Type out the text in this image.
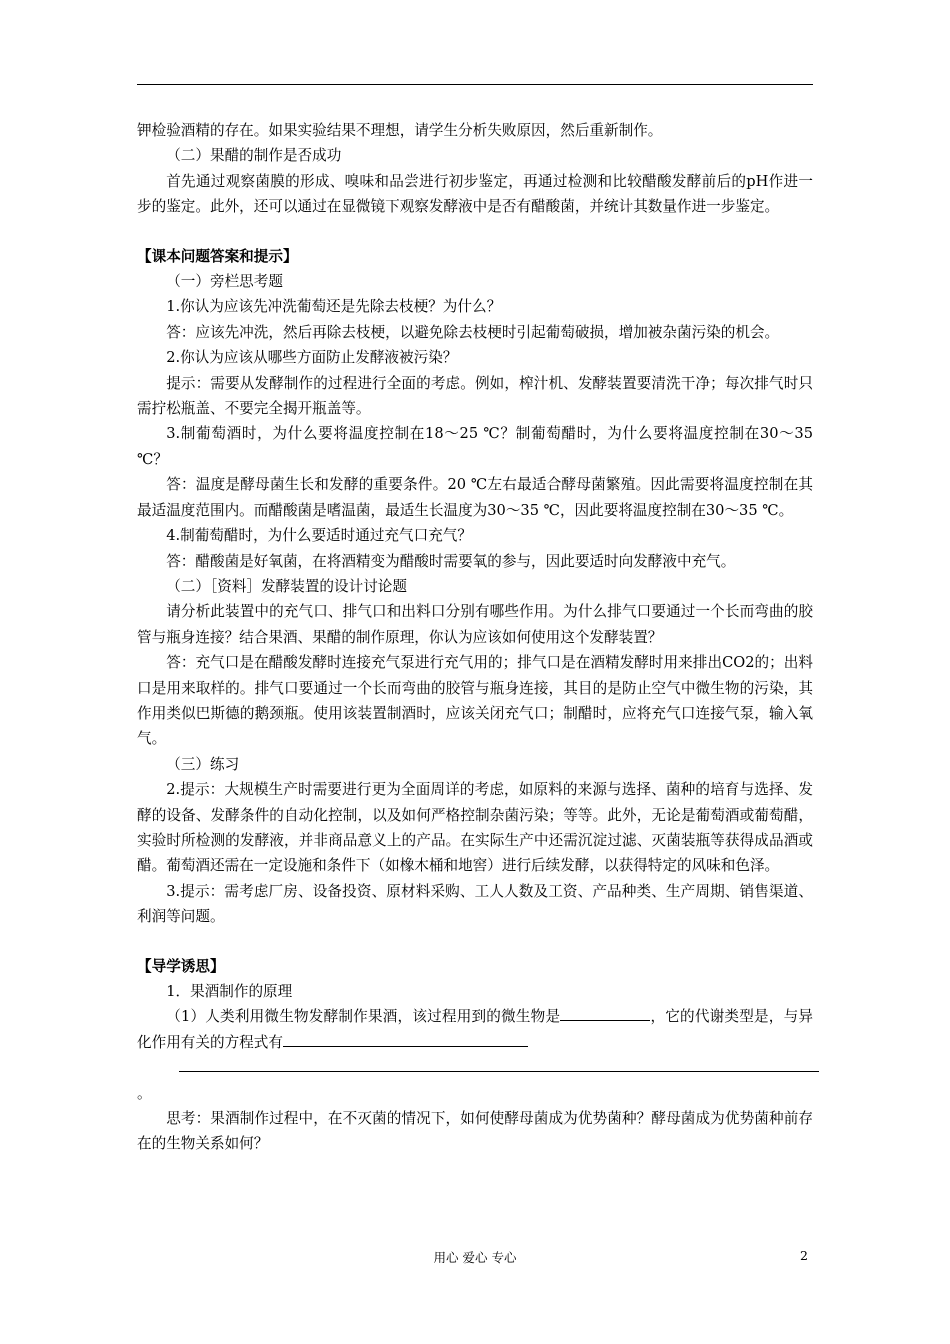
钾检验酒精的存在。如果实验结果不理想，请学生分析失败原因，然后重新制作。

（二）果醋的制作是否成功

首先通过观察菌膜的形成、嗅味和品尝进行初步鉴定，再通过检测和比较醋酸发酵前后的pH作进一步的鉴定。此外，还可以通过在显微镜下观察发酵液中是否有醋酸菌，并统计其数量作进一步鉴定。

【课本问题答案和提示】

（一）旁栏思考题

1.你认为应该先冲洗葡萄还是先除去枝梗？为什么？

答：应该先冲洗，然后再除去枝梗，以避免除去枝梗时引起葡萄破损，增加被杂菌污染的机会。

2.你认为应该从哪些方面防止发酵液被污染？

提示：需要从发酵制作的过程进行全面的考虑。例如，榨汁机、发酵装置要清洗干净；每次排气时只需拧松瓶盖、不要完全揭开瓶盖等。

3.制葡萄酒时，为什么要将温度控制在18～25 ℃？制葡萄醋时，为什么要将温度控制在30～35 ℃？

答：温度是酵母菌生长和发酵的重要条件。20 ℃左右最适合酵母菌繁殖。因此需要将温度控制在其最适温度范围内。而醋酸菌是嗜温菌，最适生长温度为30～35 ℃，因此要将温度控制在30～35 ℃。

4.制葡萄醋时，为什么要适时通过充气口充气？

答：醋酸菌是好氧菌，在将酒精变为醋酸时需要氧的参与，因此要适时向发酵液中充气。

（二）［资料］发酵装置的设计讨论题

请分析此装置中的充气口、排气口和出料口分别有哪些作用。为什么排气口要通过一个长而弯曲的胶管与瓶身连接？结合果酒、果醋的制作原理，你认为应该如何使用这个发酵装置？

答：充气口是在醋酸发酵时连接充气泵进行充气用的；排气口是在酒精发酵时用来排出CO2的；出料口是用来取样的。排气口要通过一个长而弯曲的胶管与瓶身连接，其目的是防止空气中微生物的污染，其作用类似巴斯德的鹅颈瓶。使用该装置制酒时，应该关闭充气口；制醋时，应将充气口连接气泵，输入氧气。

（三）练习

2.提示：大规模生产时需要进行更为全面周详的考虑，如原料的来源与选择、菌种的培育与选择、发酵的设备、发酵条件的自动化控制，以及如何严格控制杂菌污染；等等。此外，无论是葡萄酒或葡萄醋，实验时所检测的发酵液，并非商品意义上的产品。在实际生产中还需沉淀过滤、灭菌装瓶等获得成品酒或醋。葡萄酒还需在一定设施和条件下（如橡木桶和地窖）进行后续发酵，以获得特定的风味和色泽。

3.提示：需考虑厂房、设备投资、原材料采购、工人人数及工资、产品种类、生产周期、销售渠道、利润等问题。

【导学诱思】

1．果酒制作的原理

（1）人类利用微生物发酵制作果酒，该过程用到的微生物是	，它的代谢类型是，与异化作用有关的方程式有

。

思考：果酒制作过程中，在不灭菌的情况下，如何使酵母菌成为优势菌种？酵母菌成为优势菌种前存在的生物关系如何？

用心 爱心 专心	2
